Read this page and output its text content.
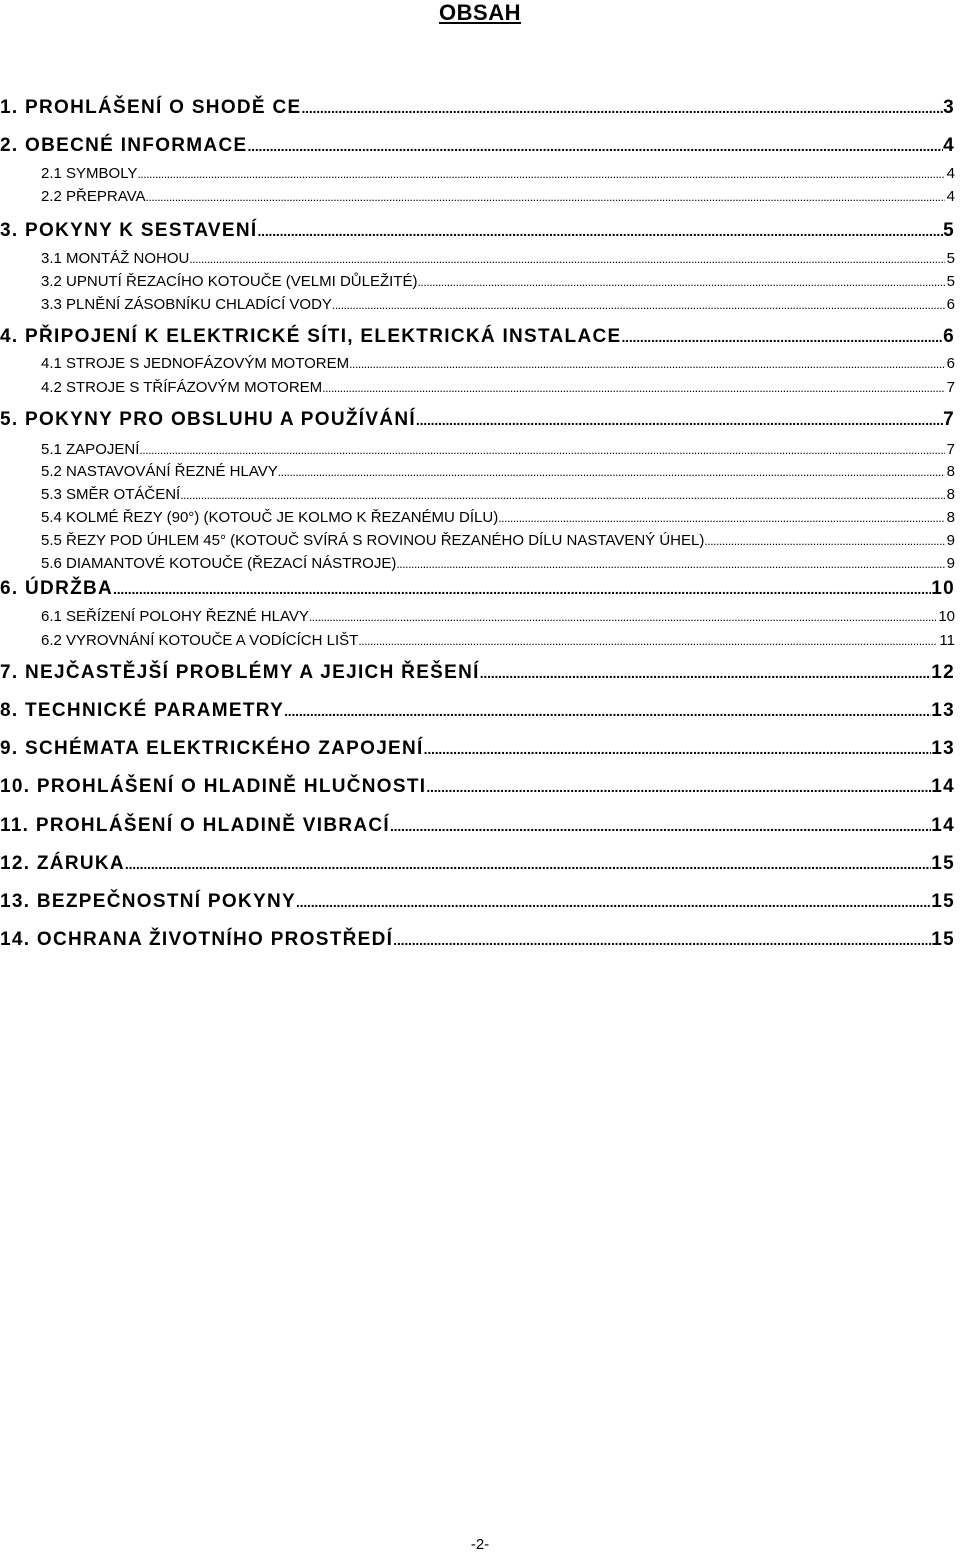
OBSAH
1. PROHLÁŠENÍ O SHODĚ CE .....	3
2. OBECNÉ INFORMACE .....	4
2.1 SYMBOLY .....	4
2.2 PŘEPRAVA .....	4
3. POKYNY K SESTAVENÍ .....	5
3.1 MONTÁŽ NOHOU .....	5
3.2 UPNUTÍ ŘEZACÍHO KOTOUČE (VELMI DŮLEŽITÉ) .....	5
3.3 PLNĚNÍ ZÁSOBNÍKU CHLADÍCÍ VODY .....	6
4. PŘIPOJENÍ K ELEKTRICKÉ SÍTI, ELEKTRICKÁ INSTALACE .....	6
4.1 STROJE S JEDNOFÁZOVÝM MOTOREM .....	6
4.2 STROJE S TŘÍFÁZOVÝM MOTOREM .....	7
5. POKYNY PRO OBSLUHU A POUŽÍVÁNÍ .....	7
5.1 ZAPOJENÍ .....	7
5.2 NASTAVOVÁNÍ ŘEZNÉ HLAVY .....	8
5.3 SMĚR OTÁČENÍ .....	8
5.4 KOLMÉ ŘEZY (90°) (KOTOUČ JE KOLMO K ŘEZANÉMU DÍLU) .....	8
5.5 ŘEZY POD ÚHLEM 45° (KOTOUČ SVÍRÁ S ROVINOU ŘEZANÉHO DÍLU NASTAVENÝ ÚHEL) .....	9
5.6 DIAMANTOVÉ KOTOUČE (ŘEZACÍ NÁSTROJE) .....	9
6. ÚDRŽBA .....	10
6.1 SEŘÍZENÍ POLOHY ŘEZNÉ HLAVY .....	10
6.2 VYROVNÁNÍ KOTOUČE A VODÍCÍCH LIŠT .....	11
7. NEJČASTĚJŠÍ PROBLÉMY A JEJICH ŘEŠENÍ .....	12
8. TECHNICKÉ PARAMETRY .....	13
9. SCHÉMATA ELEKTRICKÉHO ZAPOJENÍ .....	13
10. PROHLÁŠENÍ O HLADINĚ HLUČNOSTI .....	14
11. PROHLÁŠENÍ O HLADINĚ VIBRACÍ .....	14
12. ZÁRUKA .....	15
13. BEZPEČNOSTNÍ POKYNY .....	15
14. OCHRANA ŽIVOTNÍHO PROSTŘEDÍ .....	15
-2-
